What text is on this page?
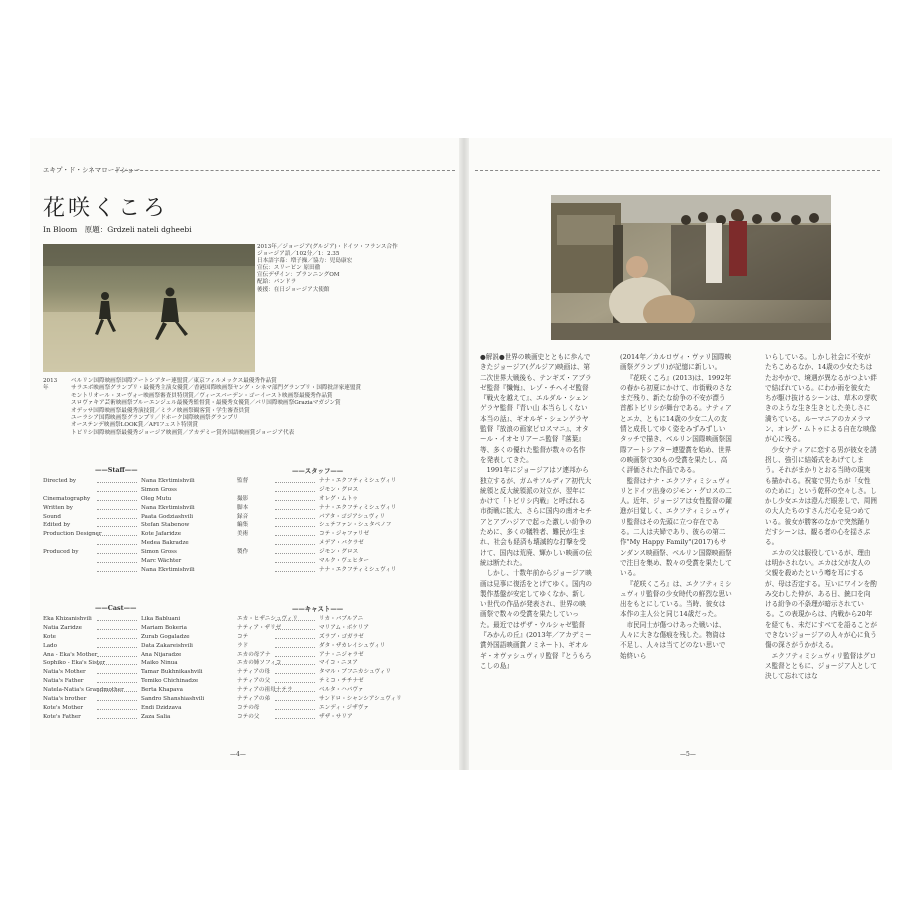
エキプ・ド・シネマロードショー
花咲くころ
In Bloom　原題：Grdzeli nateli dgheebi
2013年／ジョージア(グルジア)・ドイツ・フランス合作
ジョージア語／102分／1：2.35
日本語字幕：増子操／協力：児島康宏
宣伝：スリーピン 原田徹
宣伝デザイン：プランニングOM
配給：パンドラ
後援：在日ジョージア大使館
2013年
ベルリン国際映画祭国際アートシアター連盟賞／東京フィルメックス最優秀作品賞
サラエボ映画祭グランプリ・最優秀主演女優賞／香港国際映画祭ヤング・シネマ部門グランプリ・国際批評家連盟賞
モントリオール・ヌーヴォー映画祭審査員特別賞／ヴィースバーデン・ゴーイースト映画祭最優秀作品賞
スロヴァキア芸術映画祭ブルーエンジェル最優秀監督賞・最優秀女優賞／パリ国際映画祭Graziaマガジン賞
オデッサ国際映画祭最優秀演技賞／ミラノ映画祭観客賞・学生審査員賞
ユーラシア国際映画祭グランプリ／ドホーク国際映画祭グランプリ
オーステンデ映画祭LOOK賞／AFIフェスト特別賞
トビリシ国際映画祭最優秀ジョージア映画賞／アカデミー賞外国語映画賞ジョージア代表
——Staff——	——スタッフ——
——Cast——	——キャスト——
Directed by	Nana Ekvtimishvili
Simon Gross
Cinematography	Oleg Mutu
Written by	Nana Ekvtimishvili
Sound	Paata Godziashvili
Edited by	Stefan Stabenow
Production Designer	Kote Jafaridze
Medea Bakradze
Produced by	Simon Gross
Marc Wächter
Nana Ekvtimishvili
監督	ナナ・エクフティミシュヴィリ
ジモン・グロス
撮影	オレグ・ムトゥ
脚本	ナナ・エクフティミシュヴィリ
録音	パアタ・ゴジアシュヴィリ
編集	シュテファン・シュタベノフ
美術	コテ・ジャファリゼ
メデア・バクラゼ
製作	ジモン・グロス
マルク・ヴェヒター
ナナ・エクフティミシュヴィリ
Eka Khizanishvili	Lika Babluani
Natia Zaridze	Mariam Bokeria
Kote	Zurab Gogaladze
Lado	Data Zakareishvili
Ana - Eka's Mother	Ana Nijaradze
Sophiko - Eka's Sister	Maiko Ninua
Natia's Mother	Tamar Bukhnikashvili
Natia's Father	Temiko Chichinadze
Natela-Natia's Grandmother	Berta Khapava
Natia's brother	Sandro Shanshiashvili
Kote's Mother	Endi Dzidzava
Kote's Father	Zaza Salia
エカ・ヒザニシュヴィリ	リカ・バブルアニ
ナティア・ザリゼ	マリアム・ボケリア
コテ	ズラブ・ゴガラゼ
ラド	ダタ・ザカレイシュヴィリ
エカの母アナ	アナ・ニジャラゼ
エカの姉ソフィコ	マイコ・ニヌア
ナティアの母	タマル・ブフニカシュヴィリ
ナティアの父	テミコ・チチナゼ
ナティアの祖母ナテラ	ベルタ・ハパヴァ
ナティアの弟	サンドロ・シャンシアシュヴィリ
コテの母	エンディ・ジザヴァ
コテの父	ザザ・サリア
—4—	—5—

●解説●世界の映画史とともに歩んできたジョージア(グルジア)映画は、第二次世界大戦後も、テンギズ・アブラゼ監督『懺悔』、レゾ・チヘイゼ監督『戦火を越えて』、エルダル・シェンゲラヤ監督『青い山 本当らしくない本当の話』、ギオルギ・シェンゲラヤ監督『放浪の画家ピロスマニ』、オタール・イオセリアーニ監督『落葉』等、多くの優れた監督が数々の名作を発表してきた。

1991年にジョージアはソ連邦から独立するが、ガムサフルディア初代大統領と反大統領派の対立が、翌年にかけて「トビリシ内戦」と呼ばれる市街戦に拡大、さらに国内の南オセチアとアブハジアで起った激しい紛争のために、多くの犠牲者、難民が生まれ、社会も経済も壊滅的な打撃を受けて、国内は荒廃、輝かしい映画の伝統は断たれた。

しかし、十数年前からジョージア映画は見事に復活をとげてゆく。国内の製作基盤が安定してゆくなか、新しい世代の作品が発表され、世界の映画祭で数々の受賞を果たしていった。最近ではザザ・ウルシャゼ監督『みかんの丘』(2013年／アカデミー賞外国語映画賞ノミネート)、ギオルギ・オヴァシュヴィリ監督『とうもろこしの島』

(2014年／カルロヴィ・ヴァリ国際映画祭グランプリ)が記憶に新しい。

『花咲くころ』(2013)は、1992年の春から初夏にかけて、市街戦のさなまだ残り、新たな紛争の不安が漂う首都トビリシが舞台である。ナティアとエカ、ともに14歳の少女二人の友情と成長してゆく姿をみずみずしいタッチで描き、ベルリン国際映画祭国際アートシアター連盟賞を始め、世界の映画祭で30もの受賞を果たし、高く評価された作品である。

監督はナナ・エクフティミシュヴィリとドイツ出身のジモン・グロスの二人。近年、ジョージアは女性監督の躍進が目覚しく、エクフティミシュヴィリ監督はその先頭に立つ存在である。二人は夫婦であり、彼らの第二作"My Happy Family"(2017)もサンダンス映画祭、ベルリン国際映画祭で注目を集め、数々の受賞を果たしている。

『花咲くころ』は、エクフティミシュヴィリ監督の少女時代の鮮烈な思い出をもとにしている。当時、彼女は本作の主人公と同じ14歳だった。

市民同士が傷つけあった戦いは、人々に大きな傷痕を残した。物資は不足し、人々は当てどのない思いで始終いら

いらしている。しかし社会に不安がたちこめるなか、14歳の少女たちはたおやかで、境遇が異なるがつよい絆で結ばれている。にわか雨を彼女たちが駆け抜けるシーンは、草木の芽吹きのような生き生きとした美しさに満ちている。ルーマニアのカメラマン、オレグ・ムトゥによる自在な映像が心に残る。

少女ナティアに恋する男が彼女を誘拐し、強引に結婚式をあげてしまう。それがまかりとおる当時の現実も描かれる。祝宴で男たちが「女性のために」という乾杯の空々しさ。しかし少女エカは澄んだ眼差しで、周囲の大人たちのすさんだ心を見つめている。彼女が勝客のなかで突然踊りだすシーンは、観る者の心を揺さぶる。

エカの父は服役しているが、理由は明かされない。エカは父が友人の父親を殺めたという噂を耳にするが、母は否定する。互いにワインを酌み交わした仲が、ある日、銃口を向ける紛争の不条理が暗示されている。この表現からは、内戦から20年を経ても、未だにすべてを語ることができないジョージアの人々が心に負う傷の深さがうかがえる。

エクフティミシュヴィリ監督はグロス監督とともに、ジョージア人として決して忘れてはな
